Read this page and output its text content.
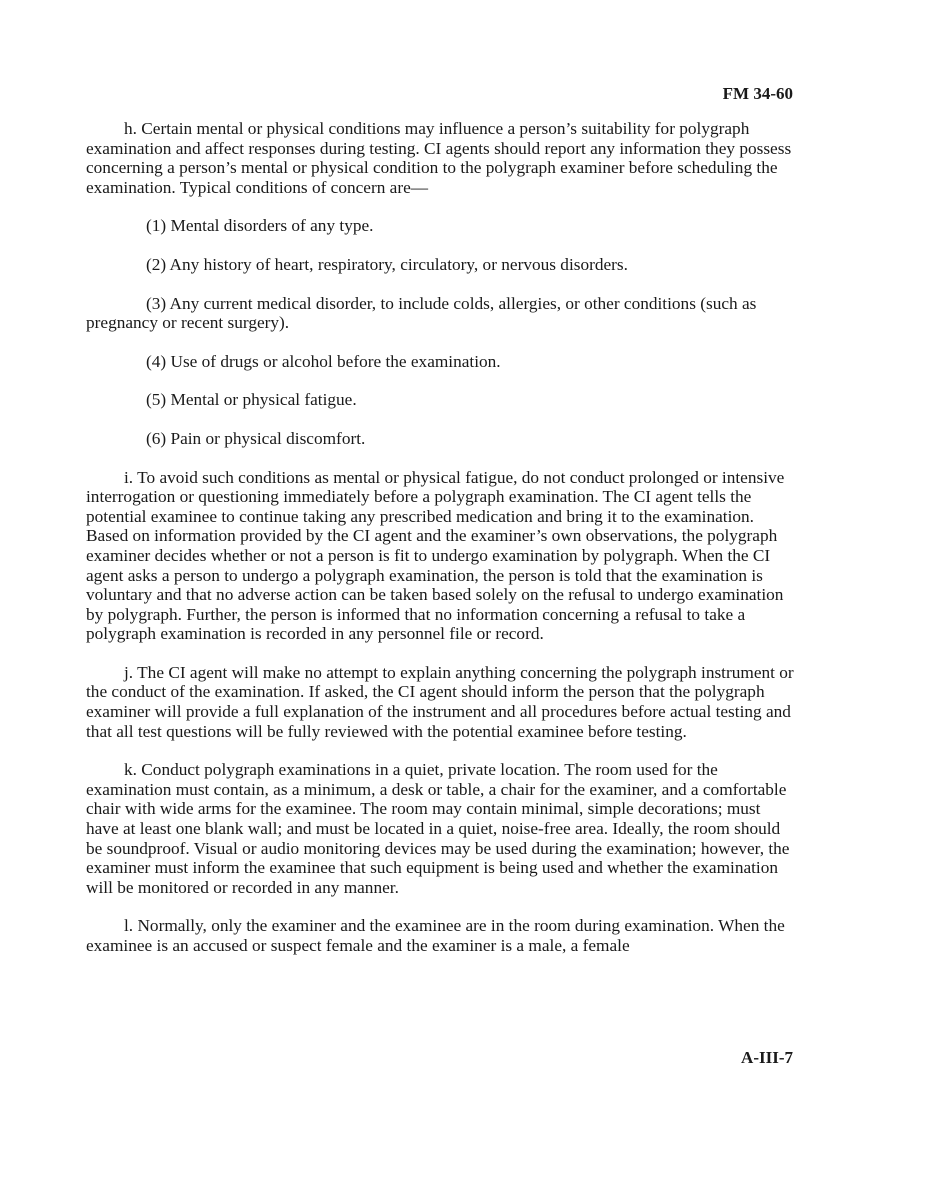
FM 34-60

h. Certain mental or physical conditions may influence a person’s suitability for polygraph examination and affect responses during testing. CI agents should report any information they possess concerning a person’s mental or physical condition to the polygraph examiner before scheduling the examination. Typical conditions of concern are—

(1) Mental disorders of any type.

(2) Any history of heart, respiratory, circulatory, or nervous disorders.

(3) Any current medical disorder, to include colds, allergies, or other conditions (such as pregnancy or recent surgery).

(4) Use of drugs or alcohol before the examination.

(5) Mental or physical fatigue.

(6) Pain or physical discomfort.

i. To avoid such conditions as mental or physical fatigue, do not conduct prolonged or intensive interrogation or questioning immediately before a polygraph examination. The CI agent tells the potential examinee to continue taking any prescribed medication and bring it to the examination. Based on information provided by the CI agent and the examiner’s own observations, the polygraph examiner decides whether or not a person is fit to undergo examination by polygraph. When the CI agent asks a person to undergo a polygraph examination, the person is told that the examination is voluntary and that no adverse action can be taken based solely on the refusal to undergo examination by polygraph. Further, the person is informed that no information concerning a refusal to take a polygraph examination is recorded in any personnel file or record.

j. The CI agent will make no attempt to explain anything concerning the polygraph instrument or the conduct of the examination. If asked, the CI agent should inform the person that the polygraph examiner will provide a full explanation of the instrument and all procedures before actual testing and that all test questions will be fully reviewed with the potential examinee before testing.

k. Conduct polygraph examinations in a quiet, private location. The room used for the examination must contain, as a minimum, a desk or table, a chair for the examiner, and a comfortable chair with wide arms for the examinee. The room may contain minimal, simple decorations; must have at least one blank wall; and must be located in a quiet, noise-free area. Ideally, the room should be soundproof. Visual or audio monitoring devices may be used during the examination; however, the examiner must inform the examinee that such equipment is being used and whether the examination will be monitored or recorded in any manner.

l. Normally, only the examiner and the examinee are in the room during examination. When the examinee is an accused or suspect female and the examiner is a male, a female

A-III-7
